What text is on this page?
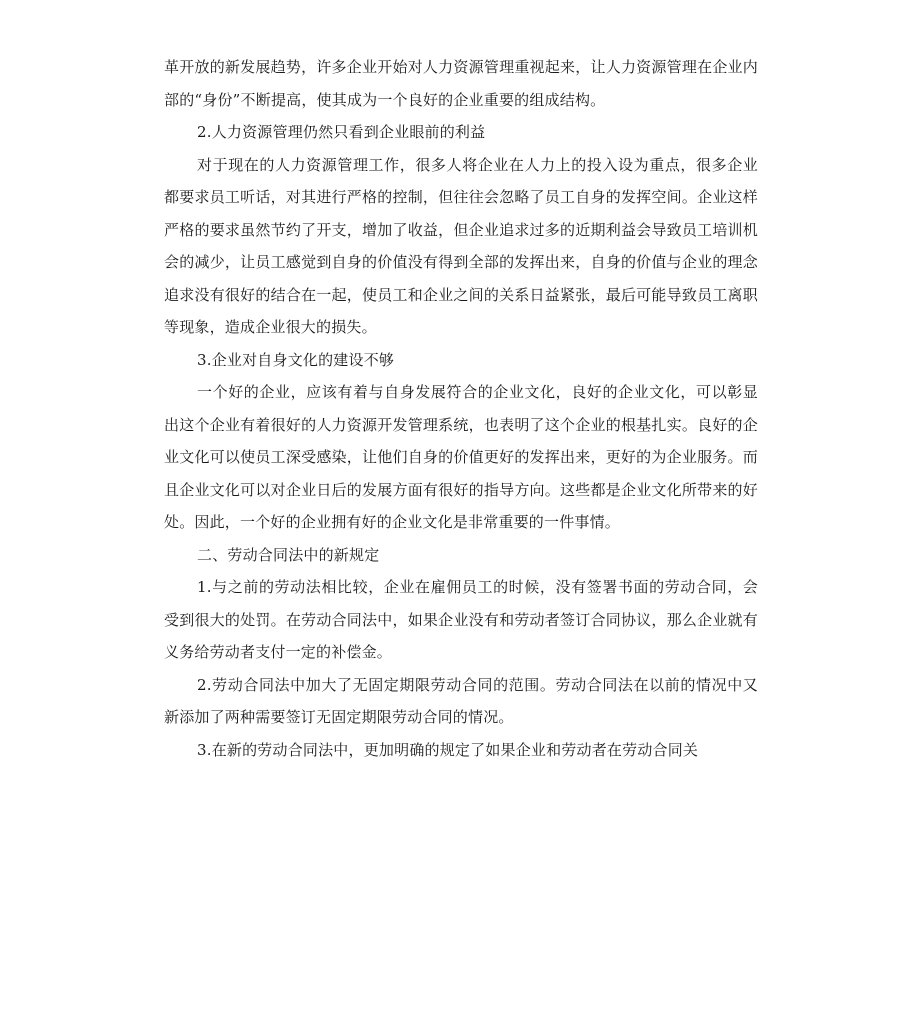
革开放的新发展趋势，许多企业开始对人力资源管理重视起来，让人力资源管理在企业内部的“身份”不断提高，使其成为一个良好的企业重要的组成结构。

2.人力资源管理仍然只看到企业眼前的利益

对于现在的人力资源管理工作，很多人将企业在人力上的投入设为重点，很多企业都要求员工听话，对其进行严格的控制，但往往会忽略了员工自身的发挥空间。企业这样严格的要求虽然节约了开支，增加了收益，但企业追求过多的近期利益会导致员工培训机会的减少，让员工感觉到自身的价值没有得到全部的发挥出来，自身的价值与企业的理念追求没有很好的结合在一起，使员工和企业之间的关系日益紧张，最后可能导致员工离职等现象，造成企业很大的损失。

3.企业对自身文化的建设不够

一个好的企业，应该有着与自身发展符合的企业文化，良好的企业文化，可以彰显出这个企业有着很好的人力资源开发管理系统，也表明了这个企业的根基扎实。良好的企业文化可以使员工深受感染，让他们自身的价值更好的发挥出来，更好的为企业服务。而且企业文化可以对企业日后的发展方面有很好的指导方向。这些都是企业文化所带来的好处。因此，一个好的企业拥有好的企业文化是非常重要的一件事情。

二、劳动合同法中的新规定

1.与之前的劳动法相比较，企业在雇佣员工的时候，没有签署书面的劳动合同，会受到很大的处罚。在劳动合同法中，如果企业没有和劳动者签订合同协议，那么企业就有义务给劳动者支付一定的补偿金。

2.劳动合同法中加大了无固定期限劳动合同的范围。劳动合同法在以前的情况中又新添加了两种需要签订无固定期限劳动合同的情况。

3.在新的劳动合同法中，更加明确的规定了如果企业和劳动者在劳动合同关
